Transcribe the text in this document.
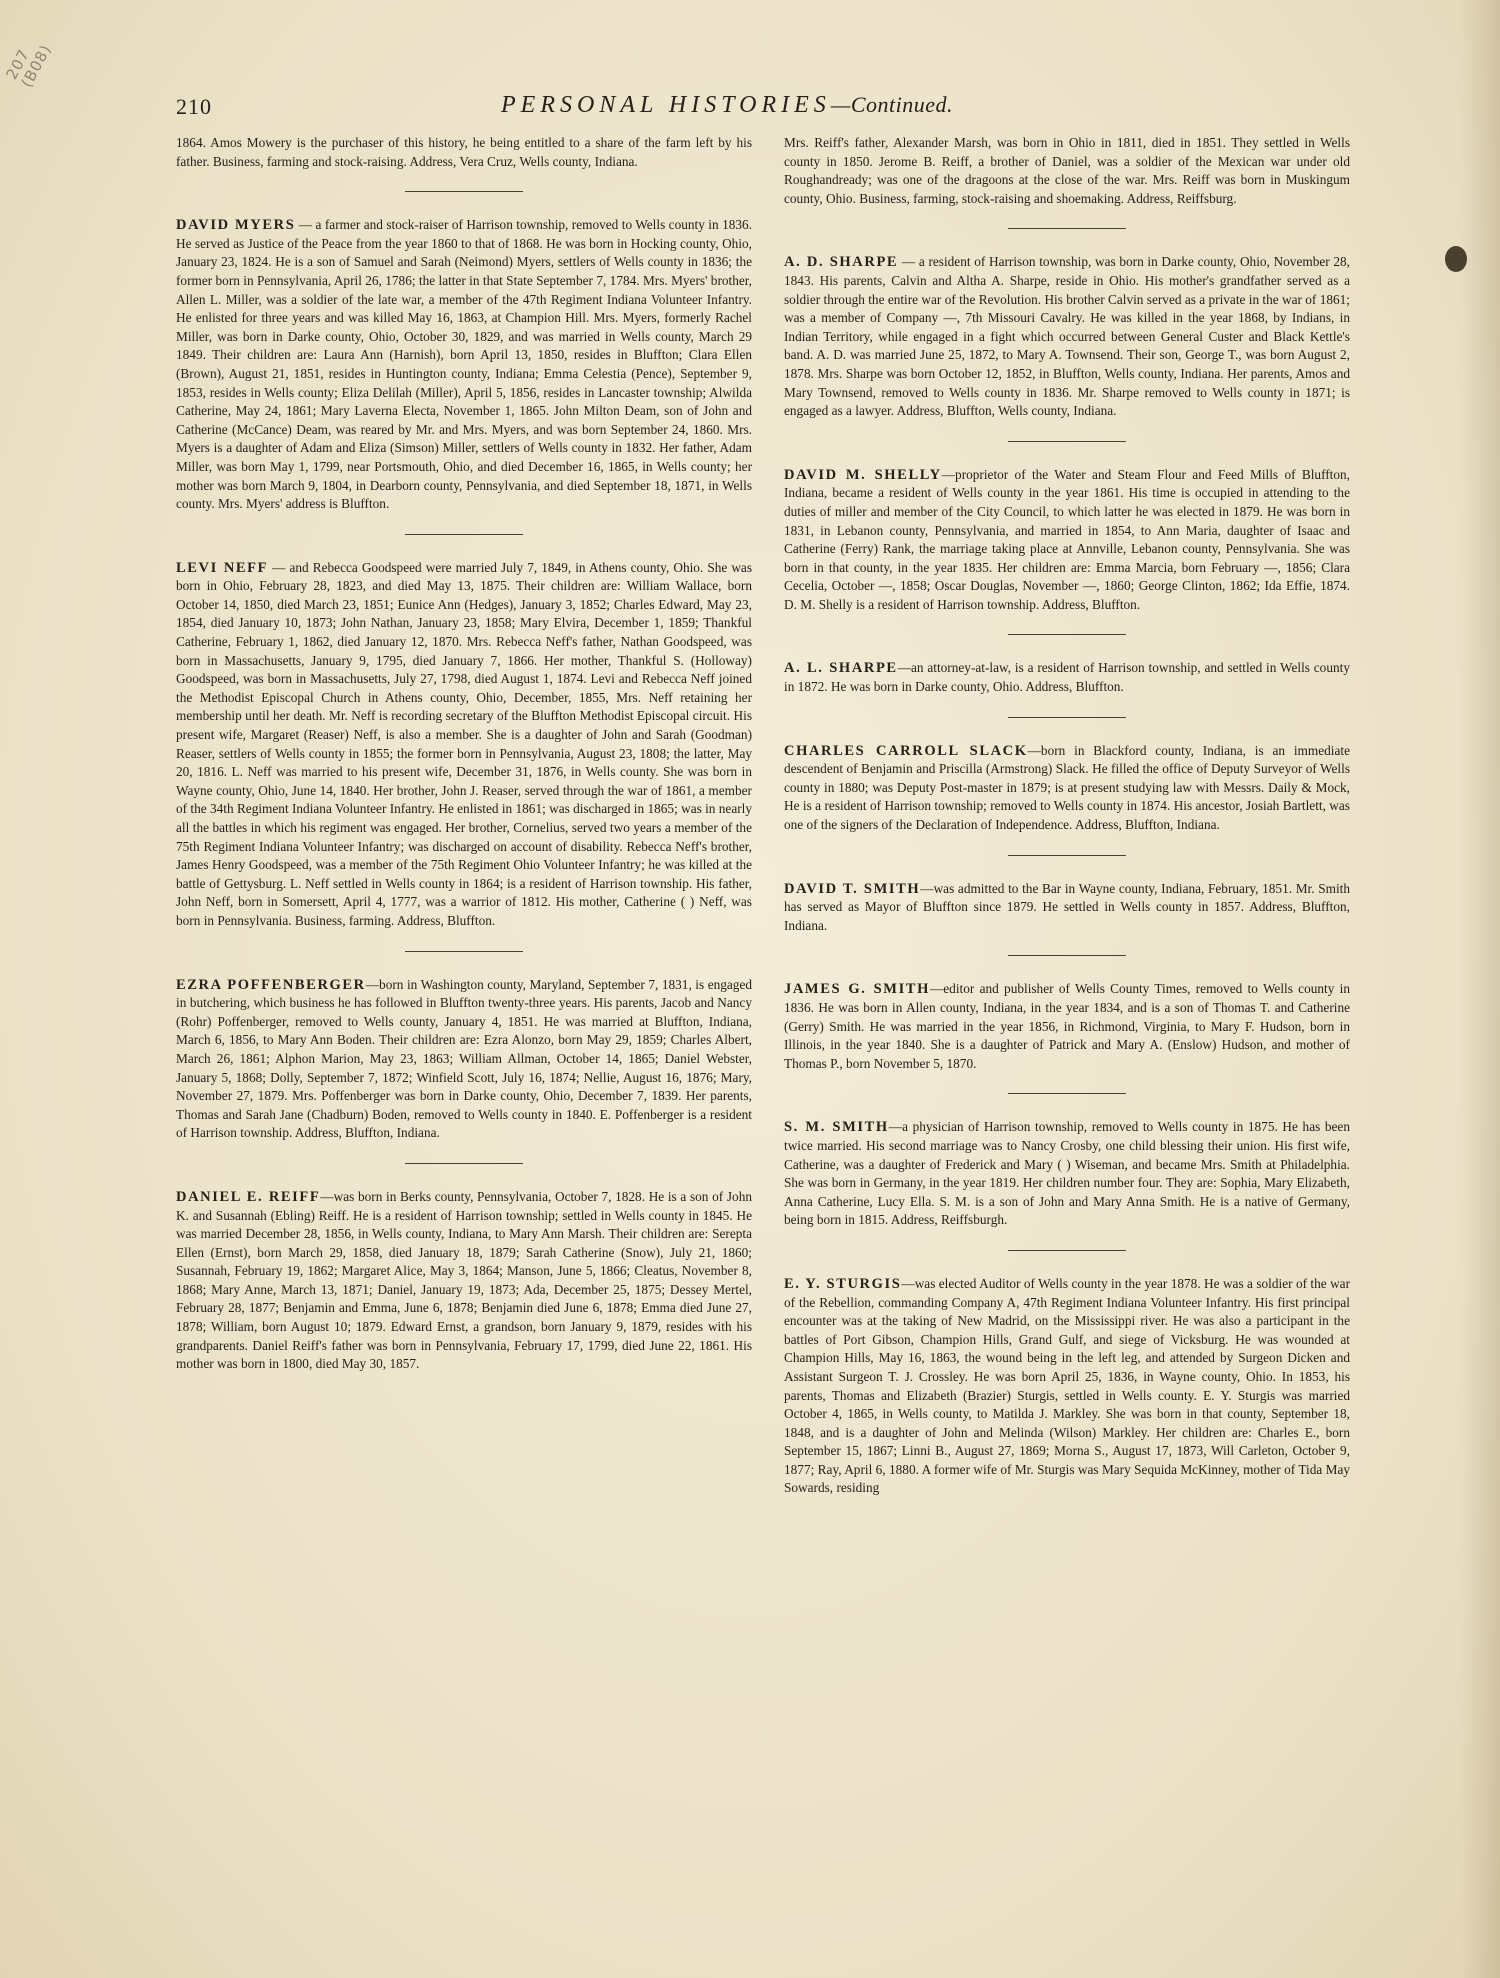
207 (B08)
210	PERSONAL HISTORIES—Continued.

1864. Amos Mowery is the purchaser of this history, he being entitled to a share of the farm left by his father. Business, farming and stock-raising. Address, Vera Cruz, Wells county, Indiana.

DAVID MYERS — a farmer and stock-raiser of Harrison township, removed to Wells county in 1836. He served as Justice of the Peace from the year 1860 to that of 1868. He was born in Hocking county, Ohio, January 23, 1824. He is a son of Samuel and Sarah (Neimond) Myers, settlers of Wells county in 1836; the former born in Pennsylvania, April 26, 1786; the latter in that State September 7, 1784. Mrs. Myers' brother, Allen L. Miller, was a soldier of the late war, a member of the 47th Regiment Indiana Volunteer Infantry. He enlisted for three years and was killed May 16, 1863, at Champion Hill. Mrs. Myers, formerly Rachel Miller, was born in Darke county, Ohio, October 30, 1829, and was married in Wells county, March 29 1849. Their children are: Laura Ann (Harnish), born April 13, 1850, resides in Bluffton; Clara Ellen (Brown), August 21, 1851, resides in Huntington county, Indiana; Emma Celestia (Pence), September 9, 1853, resides in Wells county; Eliza Delilah (Miller), April 5, 1856, resides in Lancaster township; Alwilda Catherine, May 24, 1861; Mary Laverna Electa, November 1, 1865. John Milton Deam, son of John and Catherine (McCance) Deam, was reared by Mr. and Mrs. Myers, and was born September 24, 1860. Mrs. Myers is a daughter of Adam and Eliza (Simson) Miller, settlers of Wells county in 1832. Her father, Adam Miller, was born May 1, 1799, near Portsmouth, Ohio, and died December 16, 1865, in Wells county; her mother was born March 9, 1804, in Dearborn county, Pennsylvania, and died September 18, 1871, in Wells county. Mrs. Myers' address is Bluffton.

LEVI NEFF — and Rebecca Goodspeed were married July 7, 1849, in Athens county, Ohio. She was born in Ohio, February 28, 1823, and died May 13, 1875. Their children are: William Wallace, born October 14, 1850, died March 23, 1851; Eunice Ann (Hedges), January 3, 1852; Charles Edward, May 23, 1854, died January 10, 1873; John Nathan, January 23, 1858; Mary Elvira, December 1, 1859; Thankful Catherine, February 1, 1862, died January 12, 1870. Mrs. Rebecca Neff's father, Nathan Goodspeed, was born in Massachusetts, January 9, 1795, died January 7, 1866. Her mother, Thankful S. (Holloway) Goodspeed, was born in Massachusetts, July 27, 1798, died August 1, 1874. Levi and Rebecca Neff joined the Methodist Episcopal Church in Athens county, Ohio, December, 1855, Mrs. Neff retaining her membership until her death. Mr. Neff is recording secretary of the Bluffton Methodist Episcopal circuit. His present wife, Margaret (Reaser) Neff, is also a member. She is a daughter of John and Sarah (Goodman) Reaser, settlers of Wells county in 1855; the former born in Pennsylvania, August 23, 1808; the latter, May 20, 1816. L. Neff was married to his present wife, December 31, 1876, in Wells county. She was born in Wayne county, Ohio, June 14, 1840. Her brother, John J. Reaser, served through the war of 1861, a member of the 34th Regiment Indiana Volunteer Infantry. He enlisted in 1861; was discharged in 1865; was in nearly all the battles in which his regiment was engaged. Her brother, Cornelius, served two years a member of the 75th Regiment Indiana Volunteer Infantry; was discharged on account of disability. Rebecca Neff's brother, James Henry Goodspeed, was a member of the 75th Regiment Ohio Volunteer Infantry; he was killed at the battle of Gettysburg. L. Neff settled in Wells county in 1864; is a resident of Harrison township. His father, John Neff, born in Somersett, April 4, 1777, was a warrior of 1812. His mother, Catherine ( ) Neff, was born in Pennsylvania. Business, farming. Address, Bluffton.

EZRA POFFENBERGER—born in Washington county, Maryland, September 7, 1831, is engaged in butchering, which business he has followed in Bluffton twenty-three years. His parents, Jacob and Nancy (Rohr) Poffenberger, removed to Wells county, January 4, 1851. He was married at Bluffton, Indiana, March 6, 1856, to Mary Ann Boden. Their children are: Ezra Alonzo, born May 29, 1859; Charles Albert, March 26, 1861; Alphon Marion, May 23, 1863; William Allman, October 14, 1865; Daniel Webster, January 5, 1868; Dolly, September 7, 1872; Winfield Scott, July 16, 1874; Nellie, August 16, 1876; Mary, November 27, 1879. Mrs. Poffenberger was born in Darke county, Ohio, December 7, 1839. Her parents, Thomas and Sarah Jane (Chadburn) Boden, removed to Wells county in 1840. E. Poffenberger is a resident of Harrison township. Address, Bluffton, Indiana.

DANIEL E. REIFF—was born in Berks county, Pennsylvania, October 7, 1828. He is a son of John K. and Susannah (Ebling) Reiff. He is a resident of Harrison township; settled in Wells county in 1845. He was married December 28, 1856, in Wells county, Indiana, to Mary Ann Marsh. Their children are: Serepta Ellen (Ernst), born March 29, 1858, died January 18, 1879; Sarah Catherine (Snow), July 21, 1860; Susannah, February 19, 1862; Margaret Alice, May 3, 1864; Manson, June 5, 1866; Cleatus, November 8, 1868; Mary Anne, March 13, 1871; Daniel, January 19, 1873; Ada, December 25, 1875; Dessey Mertel, February 28, 1877; Benjamin and Emma, June 6, 1878; Benjamin died June 6, 1878; Emma died June 27, 1878; William, born August 10; 1879. Edward Ernst, a grandson, born January 9, 1879, resides with his grandparents. Daniel Reiff's father was born in Pennsylvania, February 17, 1799, died June 22, 1861. His mother was born in 1800, died May 30, 1857.

Mrs. Reiff's father, Alexander Marsh, was born in Ohio in 1811, died in 1851. They settled in Wells county in 1850. Jerome B. Reiff, a brother of Daniel, was a soldier of the Mexican war under old Roughandready; was one of the dragoons at the close of the war. Mrs. Reiff was born in Muskingum county, Ohio. Business, farming, stock-raising and shoemaking. Address, Reiffsburg.

A. D. SHARPE — a resident of Harrison township, was born in Darke county, Ohio, November 28, 1843. His parents, Calvin and Altha A. Sharpe, reside in Ohio. His mother's grandfather served as a soldier through the entire war of the Revolution. His brother Calvin served as a private in the war of 1861; was a member of Company —, 7th Missouri Cavalry. He was killed in the year 1868, by Indians, in Indian Territory, while engaged in a fight which occurred between General Custer and Black Kettle's band. A. D. was married June 25, 1872, to Mary A. Townsend. Their son, George T., was born August 2, 1878. Mrs. Sharpe was born October 12, 1852, in Bluffton, Wells county, Indiana. Her parents, Amos and Mary Townsend, removed to Wells county in 1836. Mr. Sharpe removed to Wells county in 1871; is engaged as a lawyer. Address, Bluffton, Wells county, Indiana.

DAVID M. SHELLY—proprietor of the Water and Steam Flour and Feed Mills of Bluffton, Indiana, became a resident of Wells county in the year 1861. His time is occupied in attending to the duties of miller and member of the City Council, to which latter he was elected in 1879. He was born in 1831, in Lebanon county, Pennsylvania, and married in 1854, to Ann Maria, daughter of Isaac and Catherine (Ferry) Rank, the marriage taking place at Annville, Lebanon county, Pennsylvania. She was born in that county, in the year 1835. Her children are: Emma Marcia, born February —, 1856; Clara Cecelia, October —, 1858; Oscar Douglas, November —, 1860; George Clinton, 1862; Ida Effie, 1874. D. M. Shelly is a resident of Harrison township. Address, Bluffton.

A. L. SHARPE—an attorney-at-law, is a resident of Harrison township, and settled in Wells county in 1872. He was born in Darke county, Ohio. Address, Bluffton.

CHARLES CARROLL SLACK—born in Blackford county, Indiana, is an immediate descendent of Benjamin and Priscilla (Armstrong) Slack. He filled the office of Deputy Surveyor of Wells county in 1880; was Deputy Post-master in 1879; is at present studying law with Messrs. Daily & Mock, He is a resident of Harrison township; removed to Wells county in 1874. His ancestor, Josiah Bartlett, was one of the signers of the Declaration of Independence. Address, Bluffton, Indiana.

DAVID T. SMITH—was admitted to the Bar in Wayne county, Indiana, February, 1851. Mr. Smith has served as Mayor of Bluffton since 1879. He settled in Wells county in 1857. Address, Bluffton, Indiana.

JAMES G. SMITH—editor and publisher of Wells County Times, removed to Wells county in 1836. He was born in Allen county, Indiana, in the year 1834, and is a son of Thomas T. and Catherine (Gerry) Smith. He was married in the year 1856, in Richmond, Virginia, to Mary F. Hudson, born in Illinois, in the year 1840. She is a daughter of Patrick and Mary A. (Enslow) Hudson, and mother of Thomas P., born November 5, 1870.

S. M. SMITH—a physician of Harrison township, removed to Wells county in 1875. He has been twice married. His second marriage was to Nancy Crosby, one child blessing their union. His first wife, Catherine, was a daughter of Frederick and Mary ( ) Wiseman, and became Mrs. Smith at Philadelphia. She was born in Germany, in the year 1819. Her children number four. They are: Sophia, Mary Elizabeth, Anna Catherine, Lucy Ella. S. M. is a son of John and Mary Anna Smith. He is a native of Germany, being born in 1815. Address, Reiffsburgh.

E. Y. STURGIS—was elected Auditor of Wells county in the year 1878. He was a soldier of the war of the Rebellion, commanding Company A, 47th Regiment Indiana Volunteer Infantry. His first principal encounter was at the taking of New Madrid, on the Mississippi river. He was also a participant in the battles of Port Gibson, Champion Hills, Grand Gulf, and siege of Vicksburg. He was wounded at Champion Hills, May 16, 1863, the wound being in the left leg, and attended by Surgeon Dicken and Assistant Surgeon T. J. Crossley. He was born April 25, 1836, in Wayne county, Ohio. In 1853, his parents, Thomas and Elizabeth (Brazier) Sturgis, settled in Wells county. E. Y. Sturgis was married October 4, 1865, in Wells county, to Matilda J. Markley. She was born in that county, September 18, 1848, and is a daughter of John and Melinda (Wilson) Markley. Her children are: Charles E., born September 15, 1867; Linni B., August 27, 1869; Morna S., August 17, 1873, Will Carleton, October 9, 1877; Ray, April 6, 1880. A former wife of Mr. Sturgis was Mary Sequida McKinney, mother of Tida May Sowards, residing
